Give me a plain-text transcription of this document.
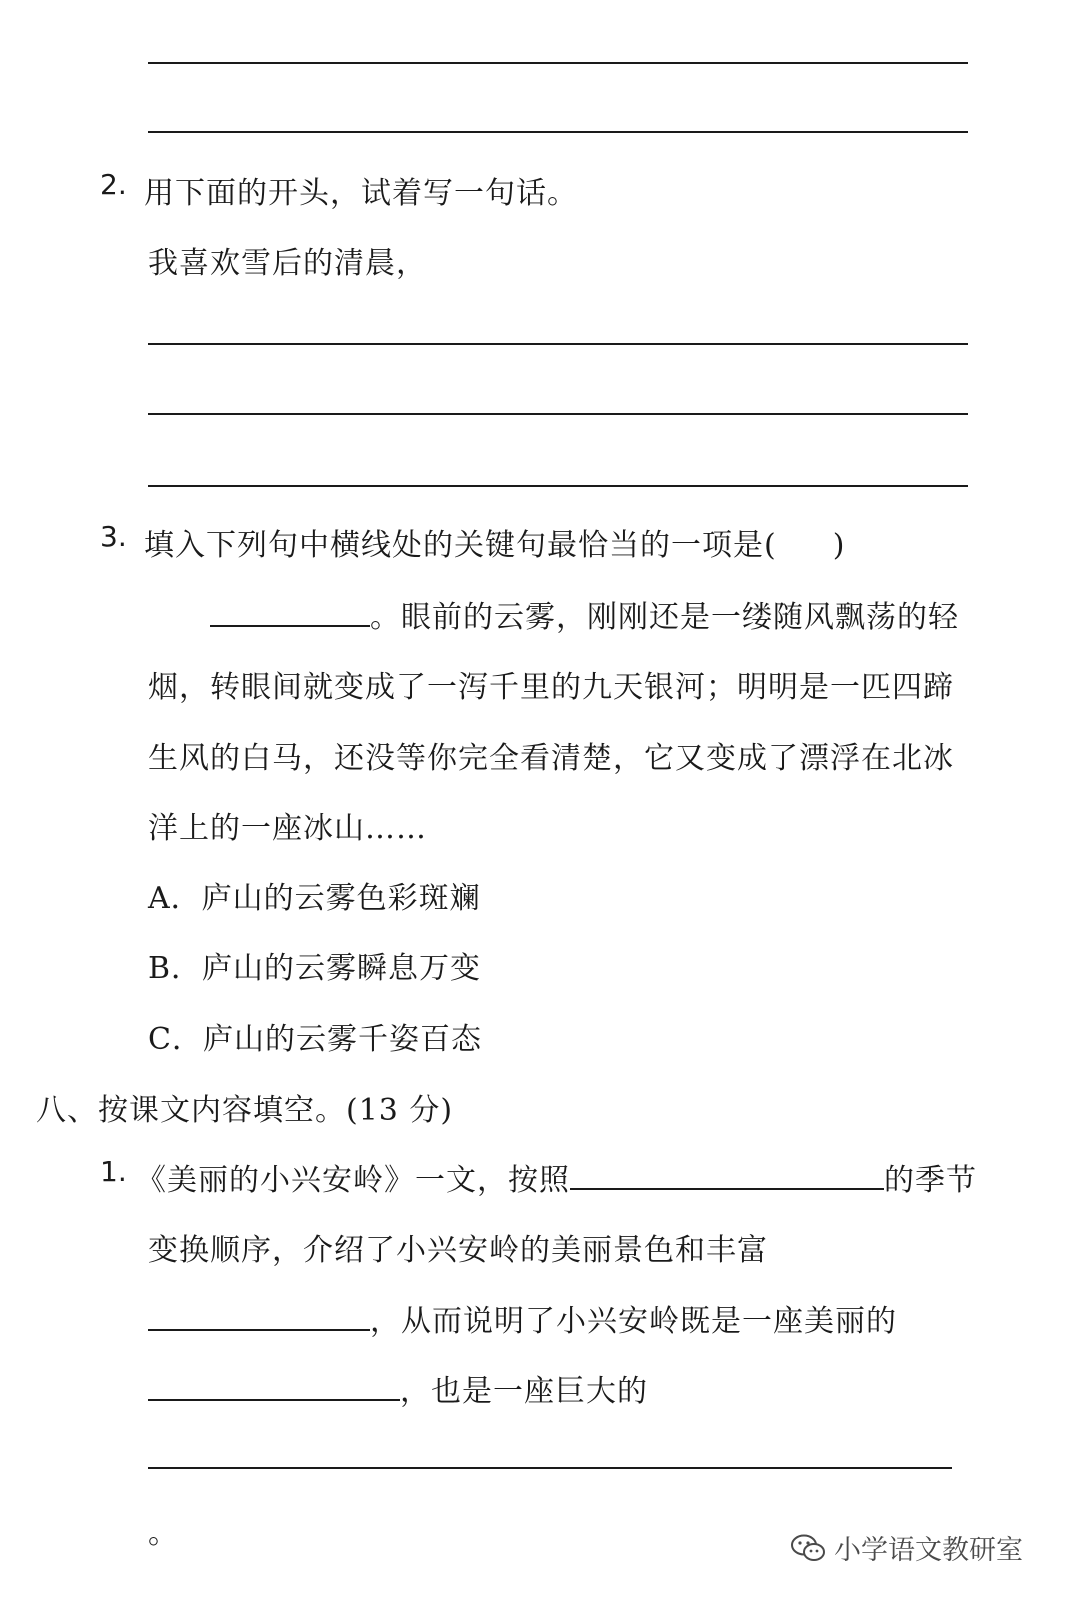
2. 用下面的开头，试着写一句话。
我喜欢雪后的清晨，
3. 填入下列句中横线处的关键句最恰当的一项是( )
。眼前的云雾，刚刚还是一缕随风飘荡的轻
烟，转眼间就变成了一泻千里的九天银河；明明是一匹四蹄
生风的白马，还没等你完全看清楚，它又变成了漂浮在北冰
洋上的一座冰山……
A．庐山的云雾色彩斑斓
B．庐山的云雾瞬息万变
C．庐山的云雾千姿百态
八、按课文内容填空。(13 分)
1. 《美丽的小兴安岭》一文，按照	的季节
变换顺序，介绍了小兴安岭的美丽景色和丰富
，从而说明了小兴安岭既是一座美丽的
，也是一座巨大的
。	小学语文教研室
